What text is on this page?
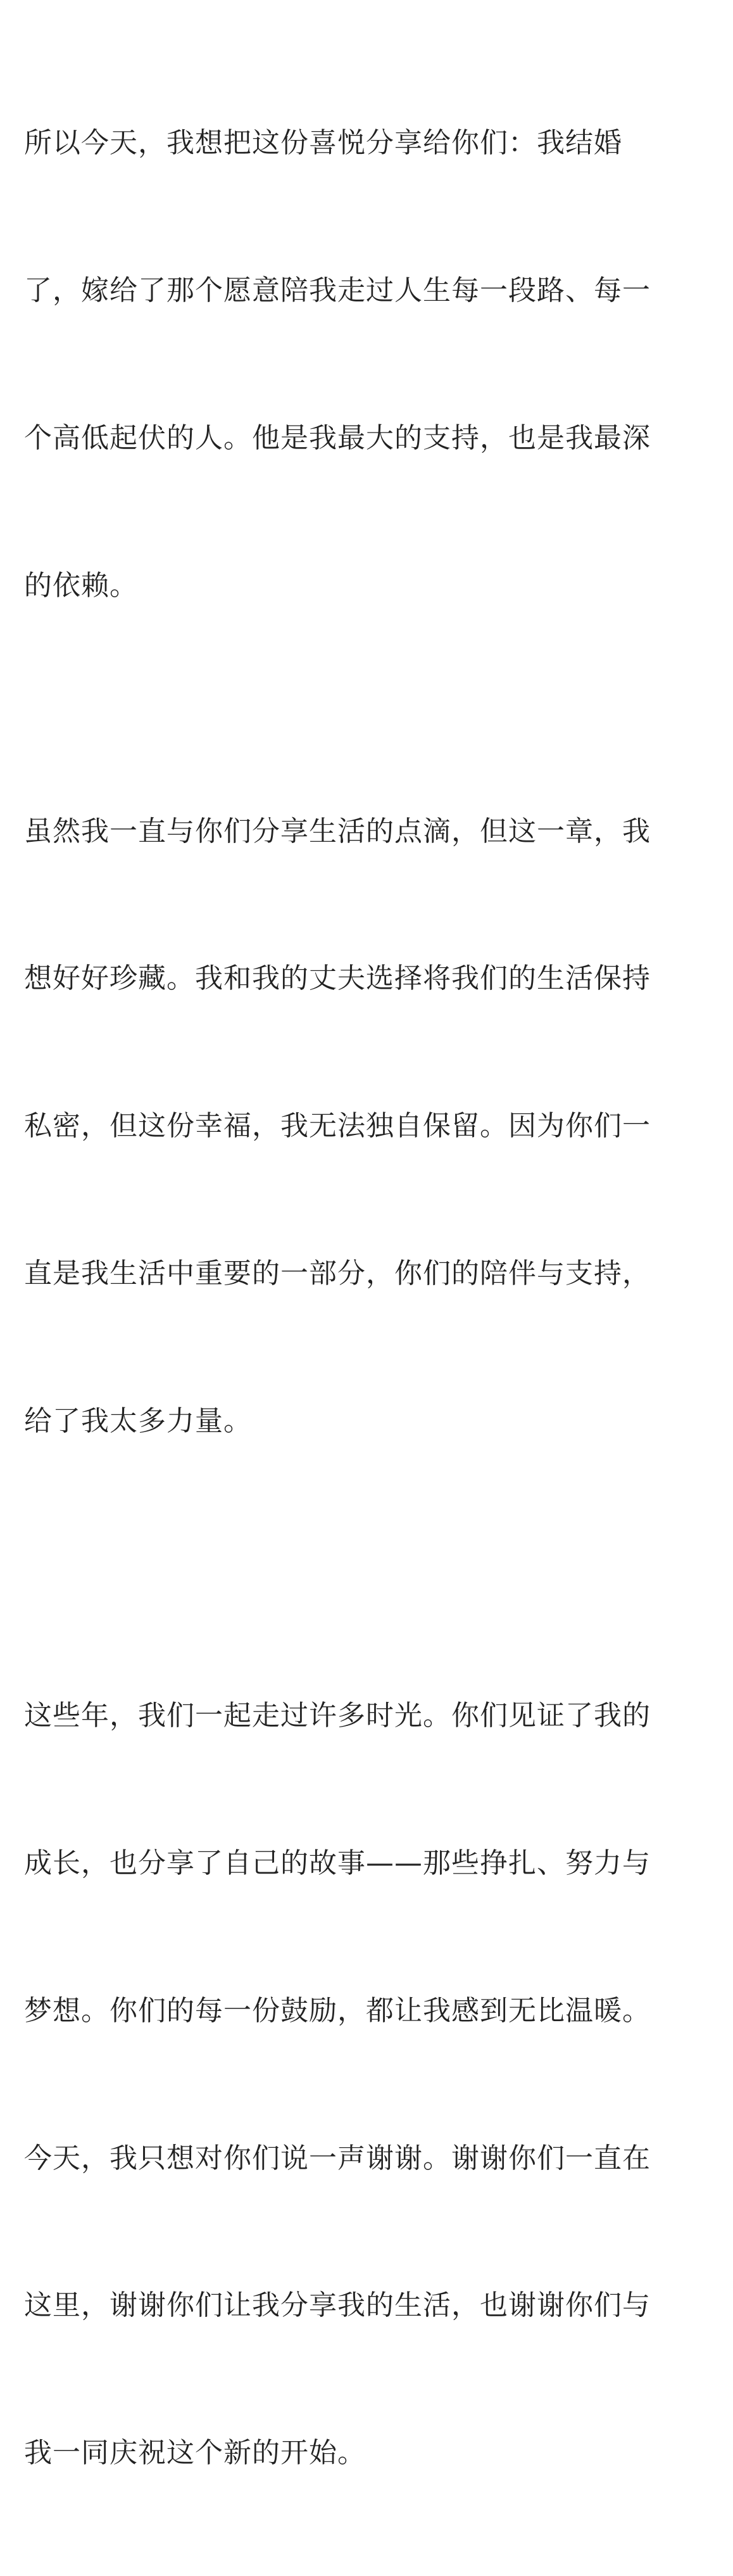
所以今天，我想把这份喜悦分享给你们：我结婚

了，嫁给了那个愿意陪我走过人生每一段路、每一

个高低起伏的人。他是我最大的支持，也是我最深

的依赖。

虽然我一直与你们分享生活的点滴，但这一章，我

想好好珍藏。我和我的丈夫选择将我们的生活保持

私密，但这份幸福，我无法独自保留。因为你们一

直是我生活中重要的一部分，你们的陪伴与支持，

给了我太多力量。

这些年，我们一起走过许多时光。你们见证了我的

成长，也分享了自己的故事——那些挣扎、努力与

梦想。你们的每一份鼓励，都让我感到无比温暖。

今天，我只想对你们说一声谢谢。谢谢你们一直在

这里，谢谢你们让我分享我的生活，也谢谢你们与

我一同庆祝这个新的开始。
